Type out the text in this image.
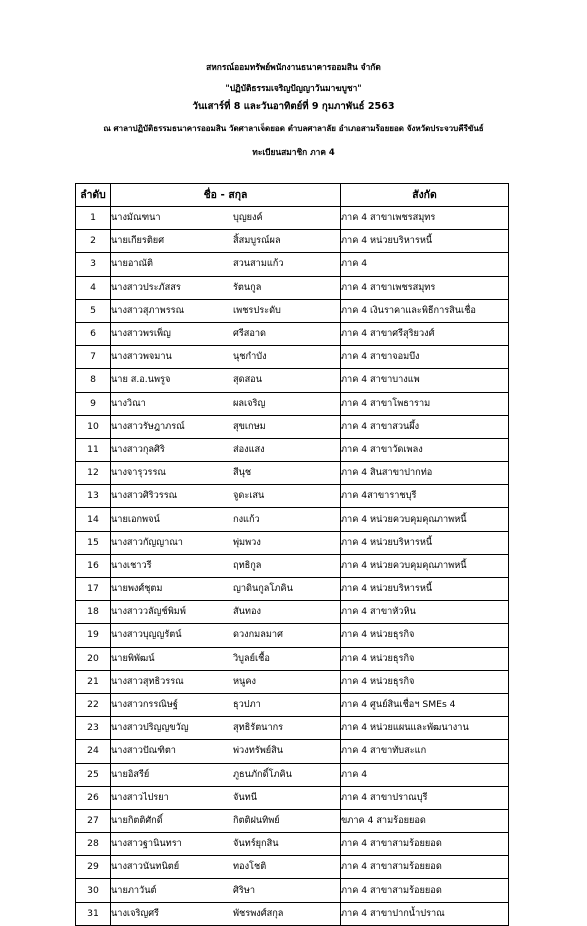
สหกรณ์ออมทรัพย์พนักงานธนาคารออมสิน จำกัด
"ปฏิบัติธรรมเจริญปัญญาวันมาฆบูชา"
วันเสาร์ที่ 8 และวันอาทิตย์ที่ 9 กุมภาพันธ์ 2563
ณ ศาลาปฏิบัติธรรมธนาคารออมสิน วัดศาลาเจ็ดยอด ตำบลศาลาลัย อำเภอสามร้อยยอด จังหวัดประจวบคีรีขันธ์
ทะเบียนสมาชิก ภาค 4
ลำดับ	ชื่อ - สกุล	สังกัด
1	นางมัณฑนา บุญยงค์	ภาค 4 สาขาเพชรสมุทร
2	นายเกียรติยศ สิ้สมบูรณ์ผล	ภาค 4 หน่วยบริหารหนี้
3	นายอาณัติ สวนสามแก้ว	ภาค 4
4	นางสาวประภัสสร รัตนกูล	ภาค 4 สาขาเพชรสมุทร
5	นางสาวสุภาพรรณ เพชรประดับ	ภาค 4 เงินราคาและพิธีการสินเชื่อ
6	นางสาวพรเพ็ญ ศรีสอาด	ภาค 4 สาขาศรีสุริยวงศ์
7	นางสาวพจมาน นุชกำบัง	ภาค 4 สาขาจอมบึง
8	นาย ส.อ.นพรูจ สุดสอน	ภาค 4 สาขาบางแพ
9	นางวิณา ผลเจริญ	ภาค 4 สาขาโพธาราม
10	นางสาวรัษฎาภรณ์ สุขเกษม	ภาค 4 สาขาสวนผึ้ง
11	นางสาวกุลศิริ ส่องแสง	ภาค 4 สาขาวัดเพลง
12	นางจารุวรรณ สีนุช	ภาค 4 สินสาขาปากท่อ
13	นางสาวศิริวรรณ จูดะเสน	ภาค 4สาขาราชบุรี
14	นายเอกพจน์ กงแก้ว	ภาค 4 หน่วยควบคุมคุณภาพหนี้
15	นางสาวกัญญาณา พุ่มพวง	ภาค 4 หน่วยบริหารหนี้
16	นางเชาวรี ฤทธิกูล	ภาค 4 หน่วยควบคุมคุณภาพหนี้
17	นายพงศ์ชุตม ญาดินกูลโภคิน	ภาค 4 หน่วยบริหารหนี้
18	นางสาววลัญช์พิมพ์ สันทอง	ภาค 4 สาขาหัวหิน
19	นางสาวบุญญรัตน์ ดวงกมลมาศ	ภาค 4 หน่วยธุรกิจ
20	นายพิพัฒน์ วิบูลย์เชื้อ	ภาค 4 หน่วยธุรกิจ
21	นางสาวสุทธิวรรณ หนูคง	ภาค 4 หน่วยธุรกิจ
22	นางสาวกรรณิษฐ์ ธุวปภา	ภาค 4 ศูนย์สินเชื่อฯ SMEs 4
23	นางสาวปริญญขวัญ สุทธิรัตนากร	ภาค 4 หน่วยแผนและพัฒนางาน
24	นางสาวปัณฑิตา พ่วงทรัพย์สิน	ภาค 4 สาขาทับสะแก
25	นายอิสรีย์ ภูธนภักดิ์โภคิน	ภาค 4
26	นางสาวไปรยา จันทนี	ภาค 4 สาขาปราณบุรี
27	นายกิตติศักดิ์ กิตติฝนทิพย์	ขภาค 4 สามร้อยยอด
28	นางสาวฐานินทรา จันทร์ยุกสิน	ภาค 4 สาขาสามร้อยยอด
29	นางสาวนันทนิตย์ ทองโชติ	ภาค 4 สาขาสามร้อยยอด
30	นายภาวันต์ ศิริษา	ภาค 4 สาขาสามร้อยยอด
31	นางเจริญศรี พัชรพงศ์สกุล	ภาค 4 สาขาปากน้ำปราณ
